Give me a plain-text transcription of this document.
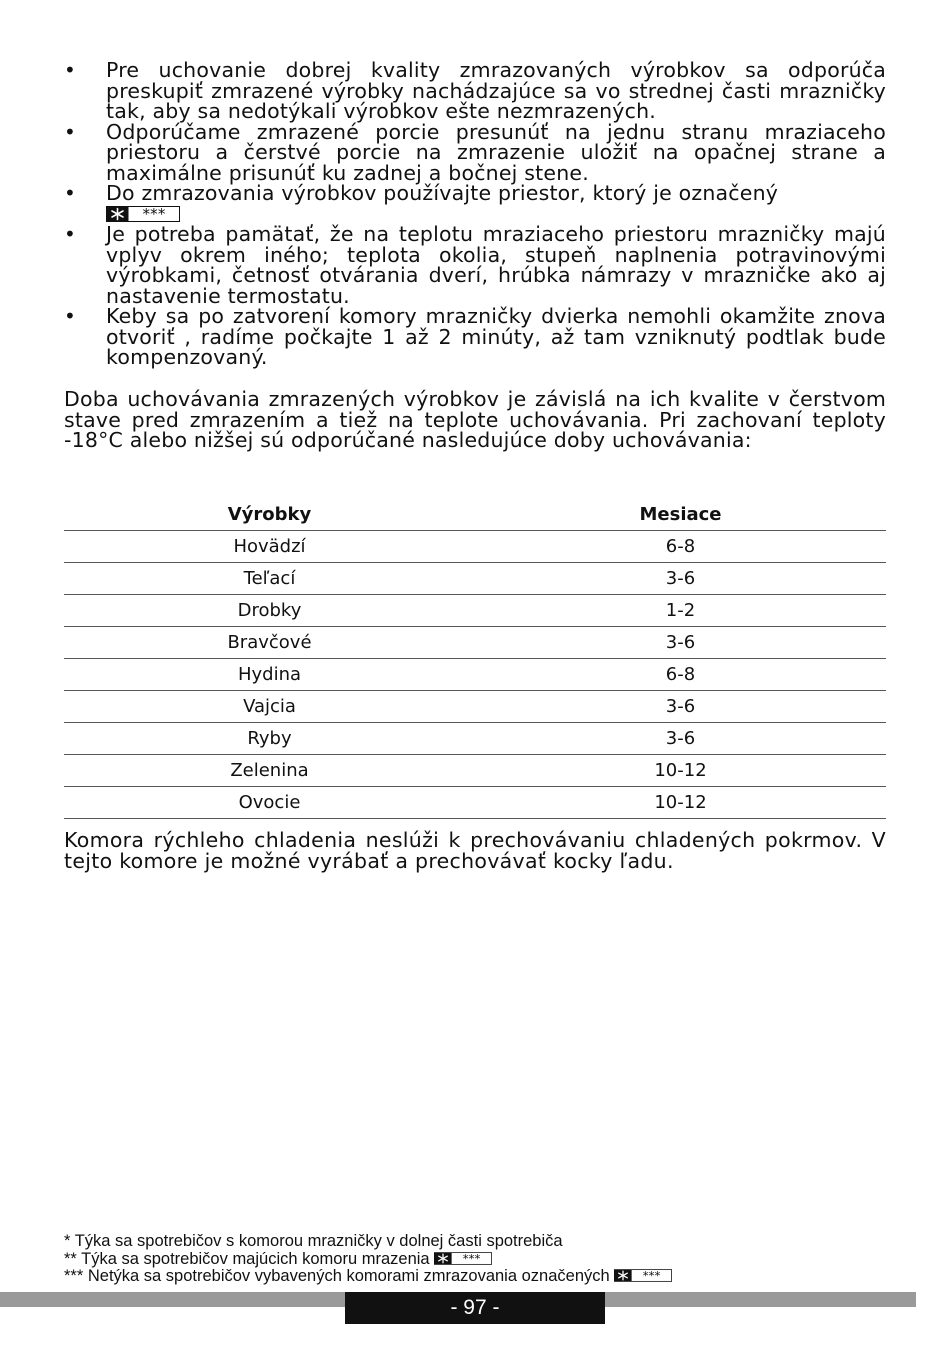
• Pre uchovanie dobrej kvality zmrazovaných výrobkov sa odporúča preskupiť zmrazené výrobky nachádzajúce sa vo strednej časti mrazničky tak, aby sa nedotýkali výrobkov ešte nezmrazených.
• Odporúčame zmrazené porcie presunúť na jednu stranu mraziaceho priestoru a čerstvé porcie na zmrazenie uložiť na opačnej strane a maximálne prisunúť ku zadnej a bočnej stene.
• Do zmrazovania výrobkov používajte priestor, ktorý je označený

• Je potreba pamätať, že na teplotu mraziaceho priestoru mrazničky majú vplyv okrem iného; teplota okolia, stupeň naplnenia potravinovými výrobkami, četnosť otvárania dverí, hrúbka námrazy v mrazničke ako aj nastavenie termostatu.
• Keby sa po zatvorení komory mrazničky dvierka nemohli okamžite znova otvoriť , radíme počkajte 1 až 2 minúty, až tam vzniknutý podtlak bude kompenzovaný.

Doba uchovávania zmrazených výrobkov je závislá na ich kvalite v čerstvom stave pred zmrazením a tiež na teplote uchovávania. Pri zachovaní teploty -18°C alebo nižšej sú odporúčané nasledujúce doby uchovávania:

Výrobky	Mesiace
Hovädzí	6-8
Teľací	3-6
Drobky	1-2
Bravčové	3-6
Hydina	6-8
Vajcia	3-6
Ryby	3-6
Zelenina	10-12
Ovocie	10-12

Komora rýchleho chladenia neslúži k prechovávaniu chladených pokrmov. V tejto komore je možné vyrábať a prechovávať kocky ľadu.

* Týka sa spotrebičov s komorou mrazničky v dolnej časti spotrebiča
** Týka sa spotrebičov majúcich komoru mrazenia
*** Netýka sa spotrebičov vybavených komorami zmrazovania označených
- 97 -
